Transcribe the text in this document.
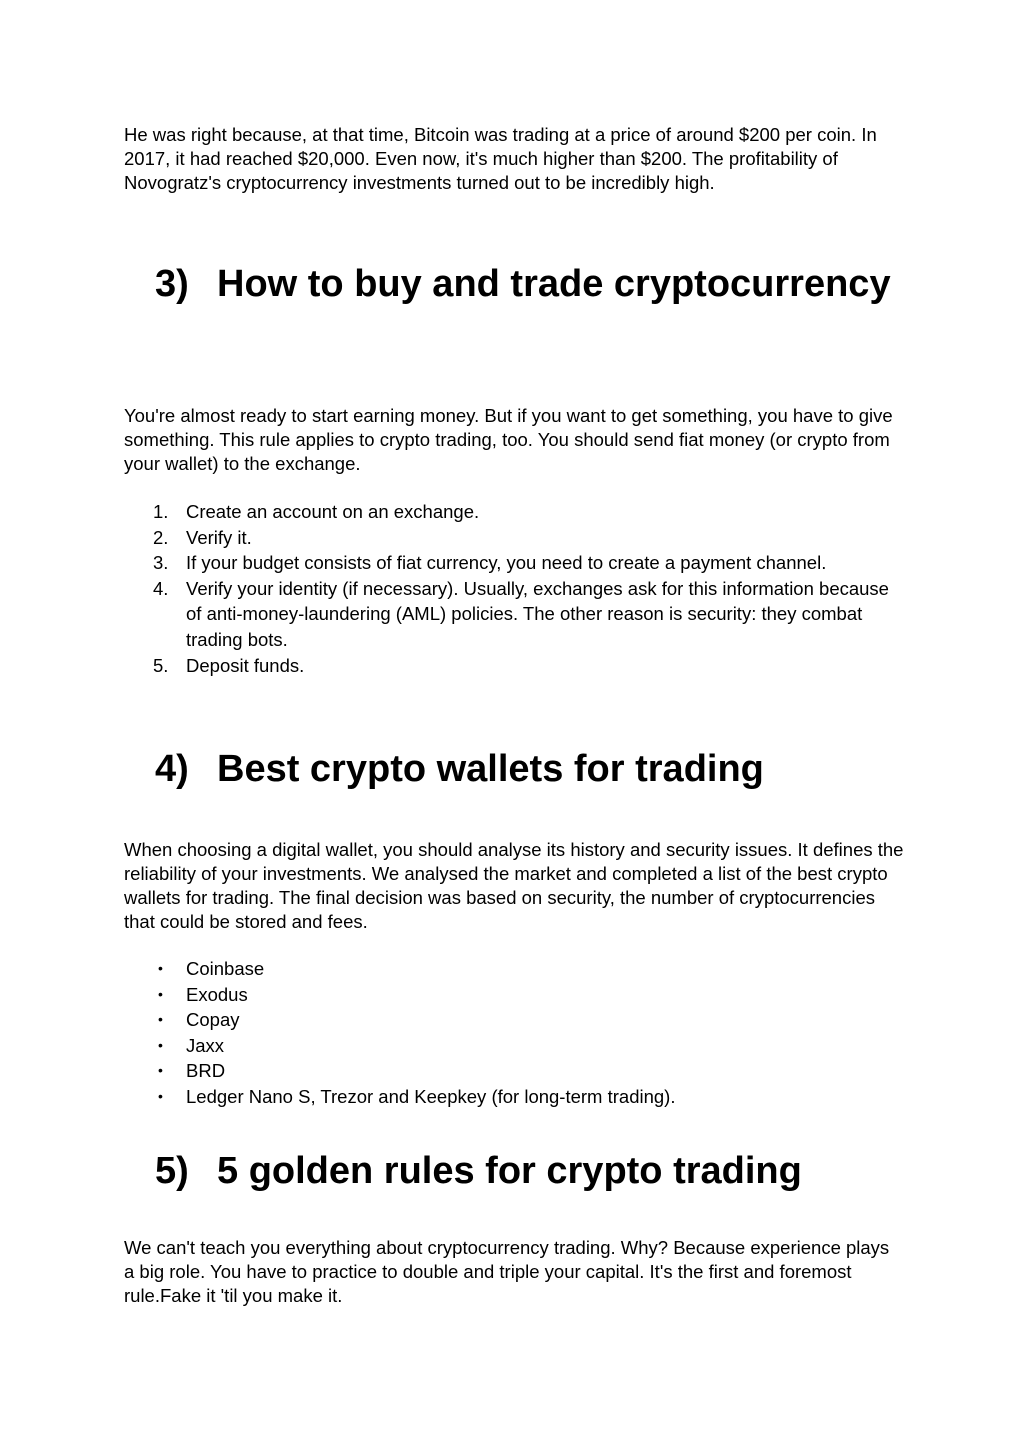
He was right because, at that time, Bitcoin was trading at a price of around $200 per coin. In 2017, it had reached $20,000. Even now, it's much higher than $200. The profitability of Novogratz's cryptocurrency investments turned out to be incredibly high.

3) How to buy and trade cryptocurrency

You're almost ready to start earning money. But if you want to get something, you have to give something. This rule applies to crypto trading, too. You should send fiat money (or crypto from your wallet) to the exchange.

1. Create an account on an exchange.
2. Verify it.
3. If your budget consists of fiat currency, you need to create a payment channel.
4. Verify your identity (if necessary). Usually, exchanges ask for this information because of anti-money-laundering (AML) policies. The other reason is security: they combat trading bots.
5. Deposit funds.
4) Best crypto wallets for trading

When choosing a digital wallet, you should analyse its history and security issues. It defines the reliability of your investments. We analysed the market and completed a list of the best crypto wallets for trading. The final decision was based on security, the number of cryptocurrencies that could be stored and fees.

• Coinbase
• Exodus
• Copay
• Jaxx
• BRD
• Ledger Nano S, Trezor and Keepkey (for long-term trading).
5) 5 golden rules for crypto trading

We can't teach you everything about cryptocurrency trading. Why? Because experience plays a big role. You have to practice to double and triple your capital. It's the first and foremost rule.Fake it 'til you make it.
